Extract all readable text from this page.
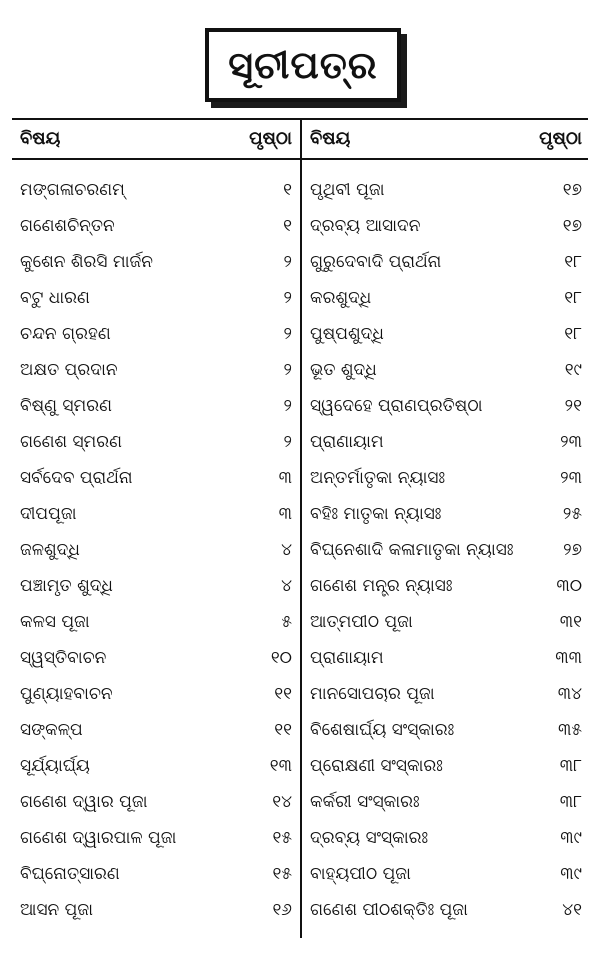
ସୂଚୀପତ୍ର
ବିଷୟ	ପୃଷ୍ଠା
ମଙ୍ଗଳାଚରଣମ୍	୧
ଗଣେଶଚିନ୍ତନ	୧
କୁଶେନ ଶିରସି ମାର୍ଜନ	୨
ବଟୁ ଧାରଣ	୨
ଚନ୍ଦନ ଗ୍ରହଣ	୨
ଅକ୍ଷତ ପ୍ରଦାନ	୨
ବିଷ୍ଣୁ ସ୍ମରଣ	୨
ଗଣେଶ ସ୍ମରଣ	୨
ସର୍ବଦେବ ପ୍ରାର୍ଥନା	୩
ଦୀପପୂଜା	୩
ଜଳଶୁଦ୍ଧି	୪
ପଞ୍ଚାମୃତ ଶୁଦ୍ଧି	୪
କଳସ ପୂଜା	୫
ସ୍ୱସ୍ତିବାଚନ	୧୦
ପୁଣ୍ୟାହବାଚନ	୧୧
ସଙ୍କଳ୍ପ	୧୧
ସୂର୍ଯ୍ୟାର୍ଘ୍ୟ	୧୩
ଗଣେଶ ଦ୍ୱାର ପୂଜା	୧୪
ଗଣେଶ ଦ୍ୱାରପାଳ ପୂଜା	୧୫
ବିଘ୍ନୋତ୍ସାରଣ	୧୫
ଆସନ ପୂଜା	୧୬
ବିଷୟ	ପୃଷ୍ଠା
ପୃଥିବୀ ପୂଜା	୧୭
ଦ୍ରବ୍ୟ ଆସାଦନ	୧୭
ଗୁରୁଦେବାଦି ପ୍ରାର୍ଥନା	୧୮
କରଶୁଦ୍ଧି	୧୮
ପୁଷ୍ପଶୁଦ୍ଧି	୧୮
ଭୂତ ଶୁଦ୍ଧି	୧୯
ସ୍ୱଦେହେ ପ୍ରାଣପ୍ରତିଷ୍ଠା	୨୧
ପ୍ରାଣାୟାମ	୨୩
ଅନ୍ତର୍ମାତୃକା ନ୍ୟାସଃ	୨୩
ବହିଃ ମାତୃକା ନ୍ୟାସଃ	୨୫
ବିଘ୍ନେଶାଦି କଳାମାତୃକା ନ୍ୟାସଃ	୨୭
ଗଣେଶ ମନ୍ତ୍ର ନ୍ୟାସଃ	୩୦
ଆତ୍ମପୀଠ ପୂଜା	୩୧
ପ୍ରାଣାୟାମ	୩୩
ମାନସୋପଚାର ପୂଜା	୩୪
ବିଶେଷାର୍ଘ୍ୟ ସଂସ୍କାରଃ	୩୫
ପ୍ରୋକ୍ଷଣୀ ସଂସ୍କାରଃ	୩୮
କର୍କରୀ ସଂସ୍କାରଃ	୩୮
ଦ୍ରବ୍ୟ ସଂସ୍କାରଃ	୩୯
ବାହ୍ୟପୀଠ ପୂଜା	୩୯
ଗଣେଶ ପୀଠଶକ୍ତିଃ ପୂଜା	୪୧
